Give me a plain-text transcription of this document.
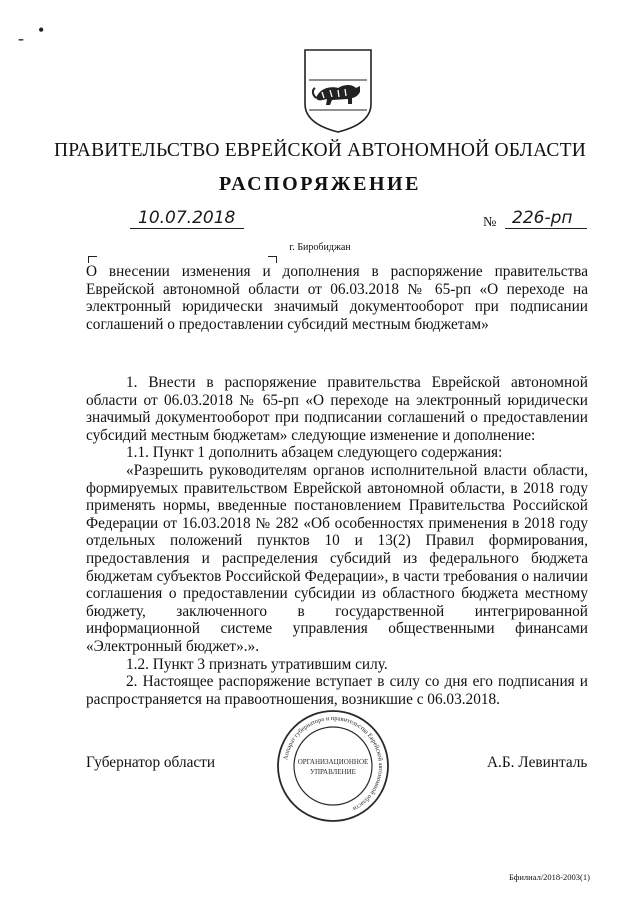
- •
ПРАВИТЕЛЬСТВО ЕВРЕЙСКОЙ АВТОНОМНОЙ ОБЛАСТИ
РАСПОРЯЖЕНИЕ
10.07.2018	№ 226-рп
г. Биробиджан
О внесении изменения и дополнения в распоряжение правительства Еврейской автономной области от 06.03.2018 № 65-рп «О переходе на электронный юридически значимый документооборот при подписании соглашений о предоставлении субсидий местным бюджетам»

1. Внести в распоряжение правительства Еврейской автономной области от 06.03.2018 № 65-рп «О переходе на электронный юридически значимый документооборот при подписании соглашений о предоставлении субсидий местным бюджетам» следующие изменение и дополнение:

1.1. Пункт 1 дополнить абзацем следующего содержания:

«Разрешить руководителям органов исполнительной власти области, формируемых правительством Еврейской автономной области, в 2018 году применять нормы, введенные постановлением Правительства Российской Федерации от 16.03.2018 № 282 «Об особенностях применения в 2018 году отдельных положений пунктов 10 и 13(2) Правил формирования, предоставления и распределения субсидий из федерального бюджета бюджетам субъектов Российской Федерации», в части требования о наличии соглашения о предоставлении субсидии из областного бюджета местному бюджету, заключенного в государственной интегрированной информационной системе управления общественными финансами «Электронный бюджет».».

1.2. Пункт 3 признать утратившим силу.

2. Настоящее распоряжение вступает в силу со дня его подписания и распространяется на правоотношения, возникшие с 06.03.2018.

Губернатор области	А.Б. Левинталь
Аппарат губернатора и правительства Еврейской автономной области
ОРГАНИЗАЦИОННОЕ
УПРАВЛЕНИЕ
Бфилиал/2018-2003(1)
